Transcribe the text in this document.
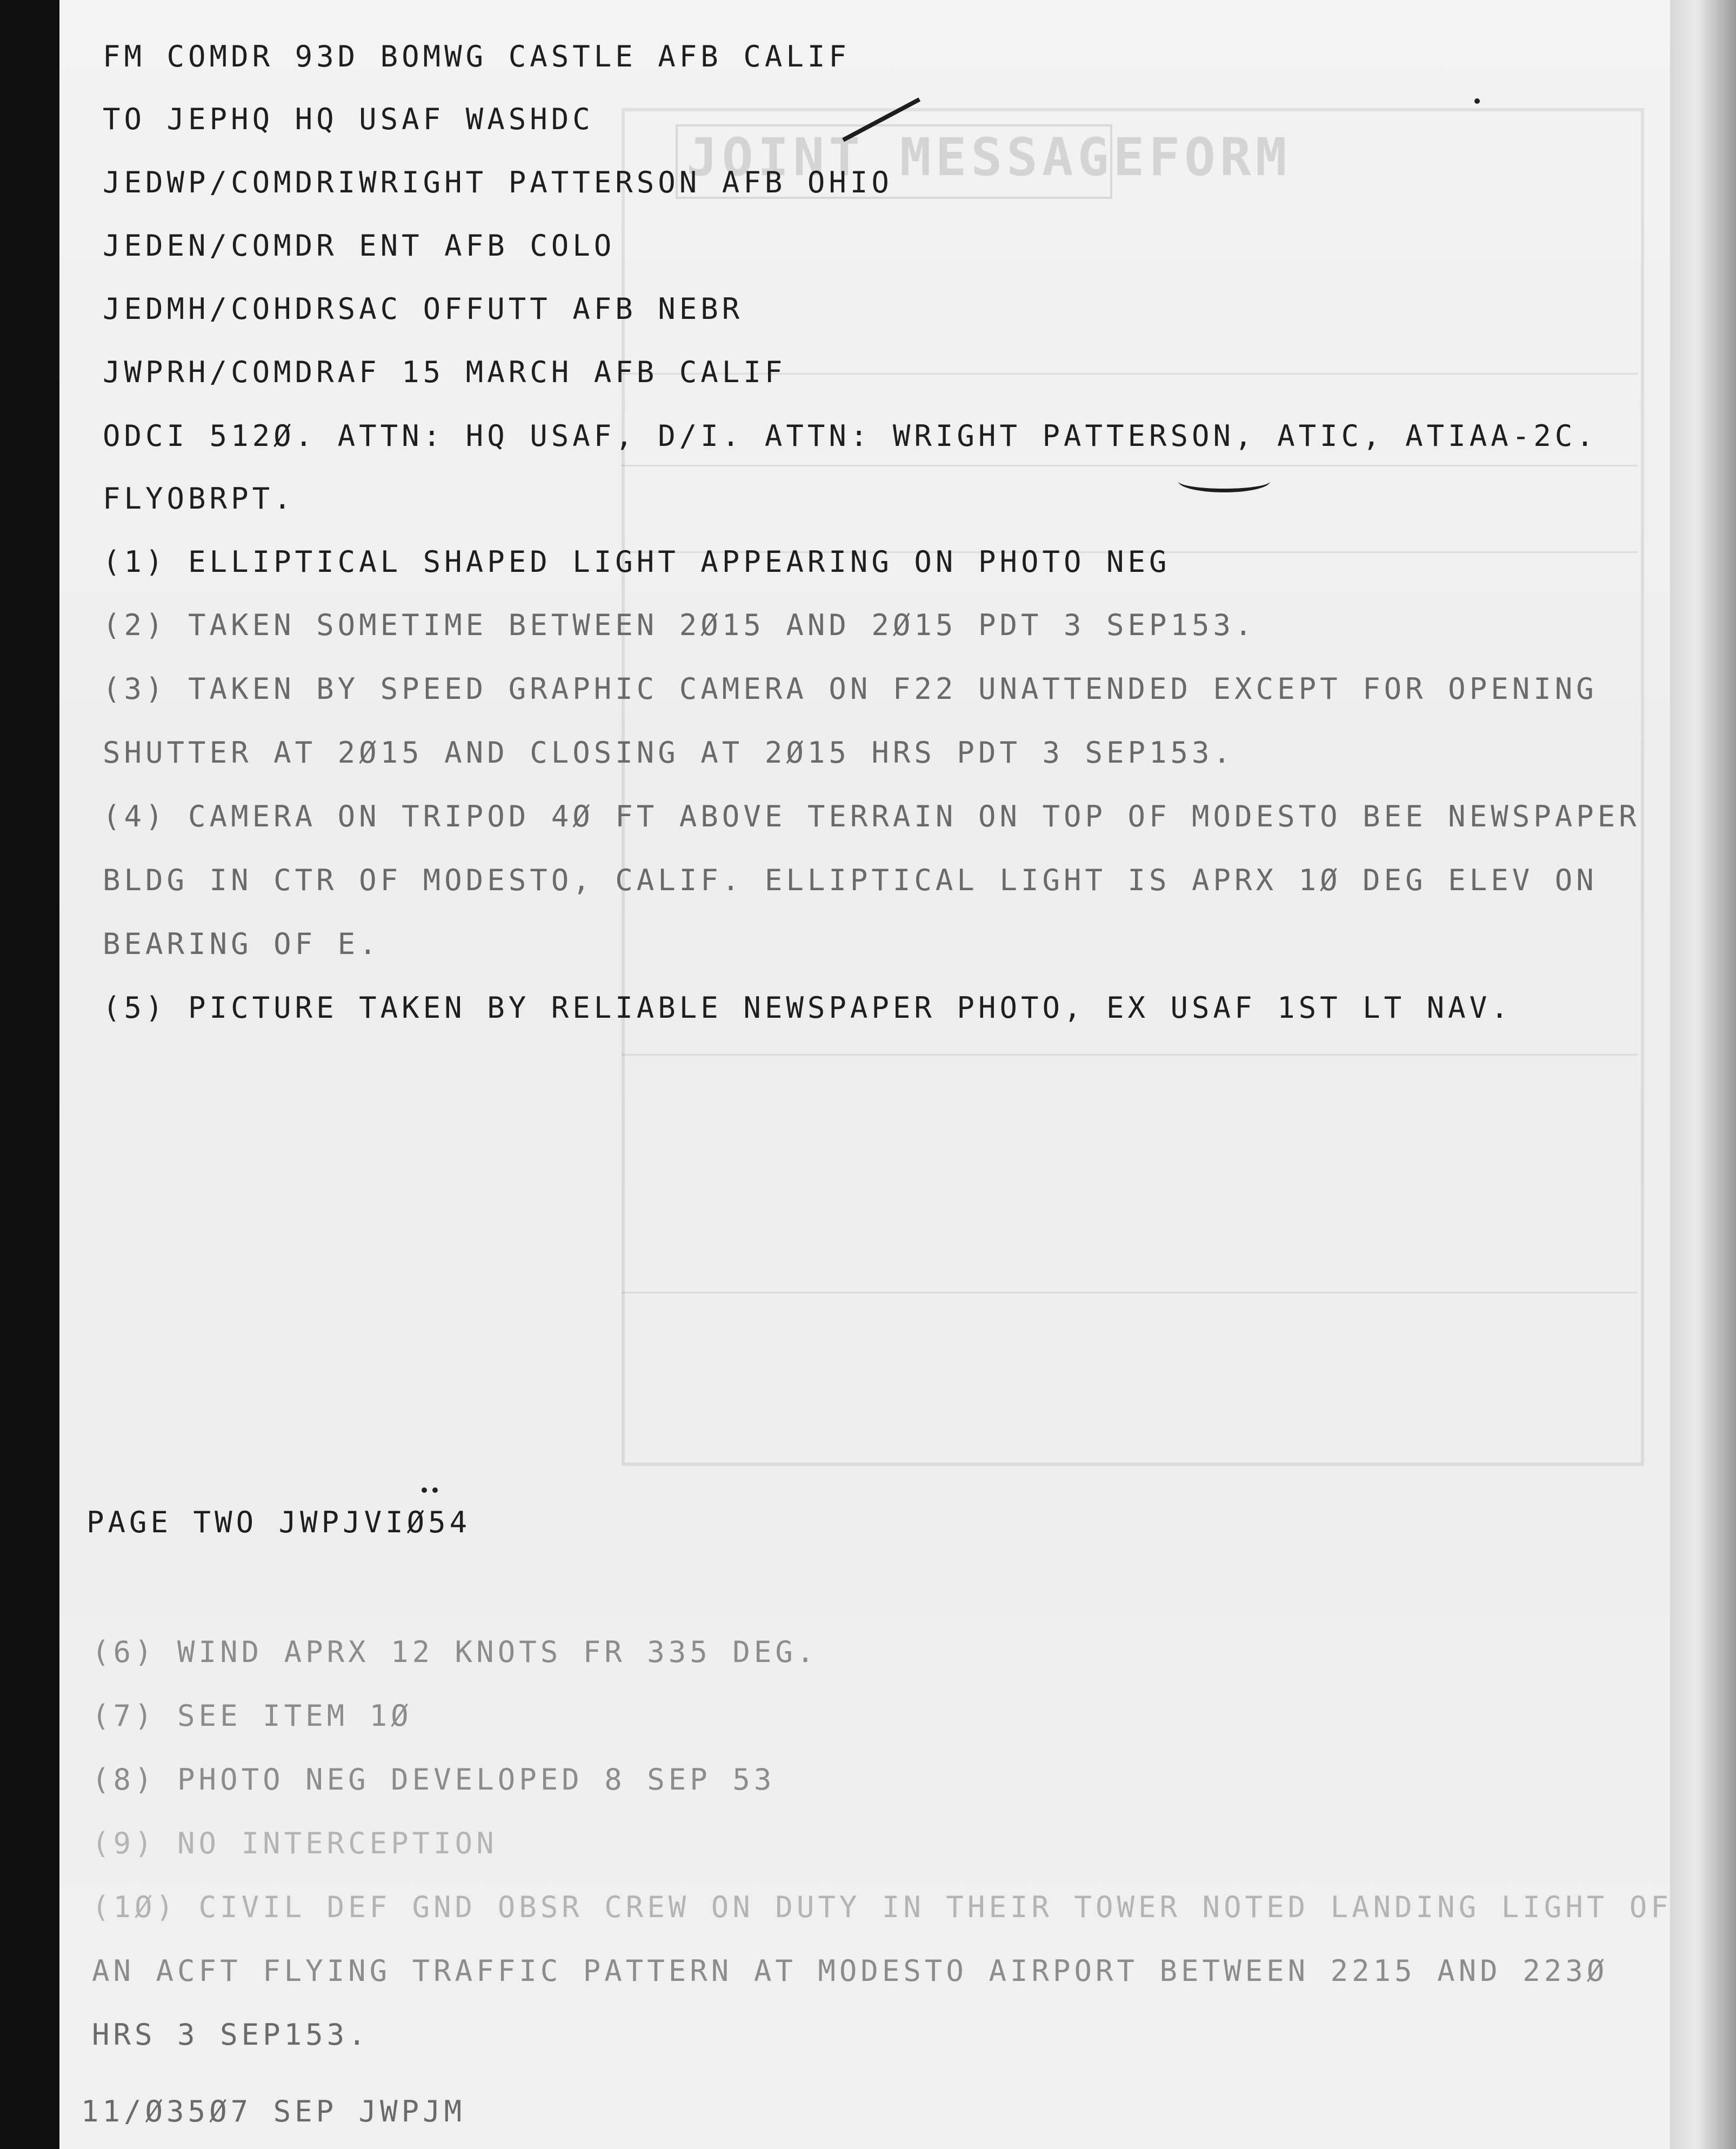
JOINT MESSAGEFORM
FM COMDR 93D BOMWG CASTLE AFB CALIF
TO JEPHQ HQ USAF WASHDC
JEDWP/COMDRIWRIGHT PATTERSON AFB OHIO
JEDEN/COMDR ENT AFB COLO
JEDMH/COHDRSAC OFFUTT AFB NEBR
JWPRH/COMDRAF 15 MARCH AFB CALIF
ODCI 512Ø. ATTN: HQ USAF, D/I. ATTN: WRIGHT PATTERSON, ATIC, ATIAA-2C.
FLYOBRPT.
(1) ELLIPTICAL SHAPED LIGHT APPEARING ON PHOTO NEG
(2) TAKEN SOMETIME BETWEEN 2Ø15 AND 2Ø15 PDT 3 SEP153.
(3) TAKEN BY SPEED GRAPHIC CAMERA ON F22 UNATTENDED EXCEPT FOR OPENING
SHUTTER AT 2Ø15 AND CLOSING AT 2Ø15 HRS PDT 3 SEP153.
(4) CAMERA ON TRIPOD 4Ø FT ABOVE TERRAIN ON TOP OF MODESTO BEE NEWSPAPER
BLDG IN CTR OF MODESTO, CALIF. ELLIPTICAL LIGHT IS APRX 1Ø DEG ELEV ON
BEARING OF E.
(5) PICTURE TAKEN BY RELIABLE NEWSPAPER PHOTO, EX USAF 1ST LT NAV.
PAGE TWO JWPJVIØ54
(6) WIND APRX 12 KNOTS FR 335 DEG.
(7) SEE ITEM 1Ø
(8) PHOTO NEG DEVELOPED 8 SEP 53
(9) NO INTERCEPTION
(1Ø) CIVIL DEF GND OBSR CREW ON DUTY IN THEIR TOWER NOTED LANDING LIGHT OF
AN ACFT FLYING TRAFFIC PATTERN AT MODESTO AIRPORT BETWEEN 2215 AND 223Ø
HRS 3 SEP153.
11/Ø35Ø7 SEP JWPJM
